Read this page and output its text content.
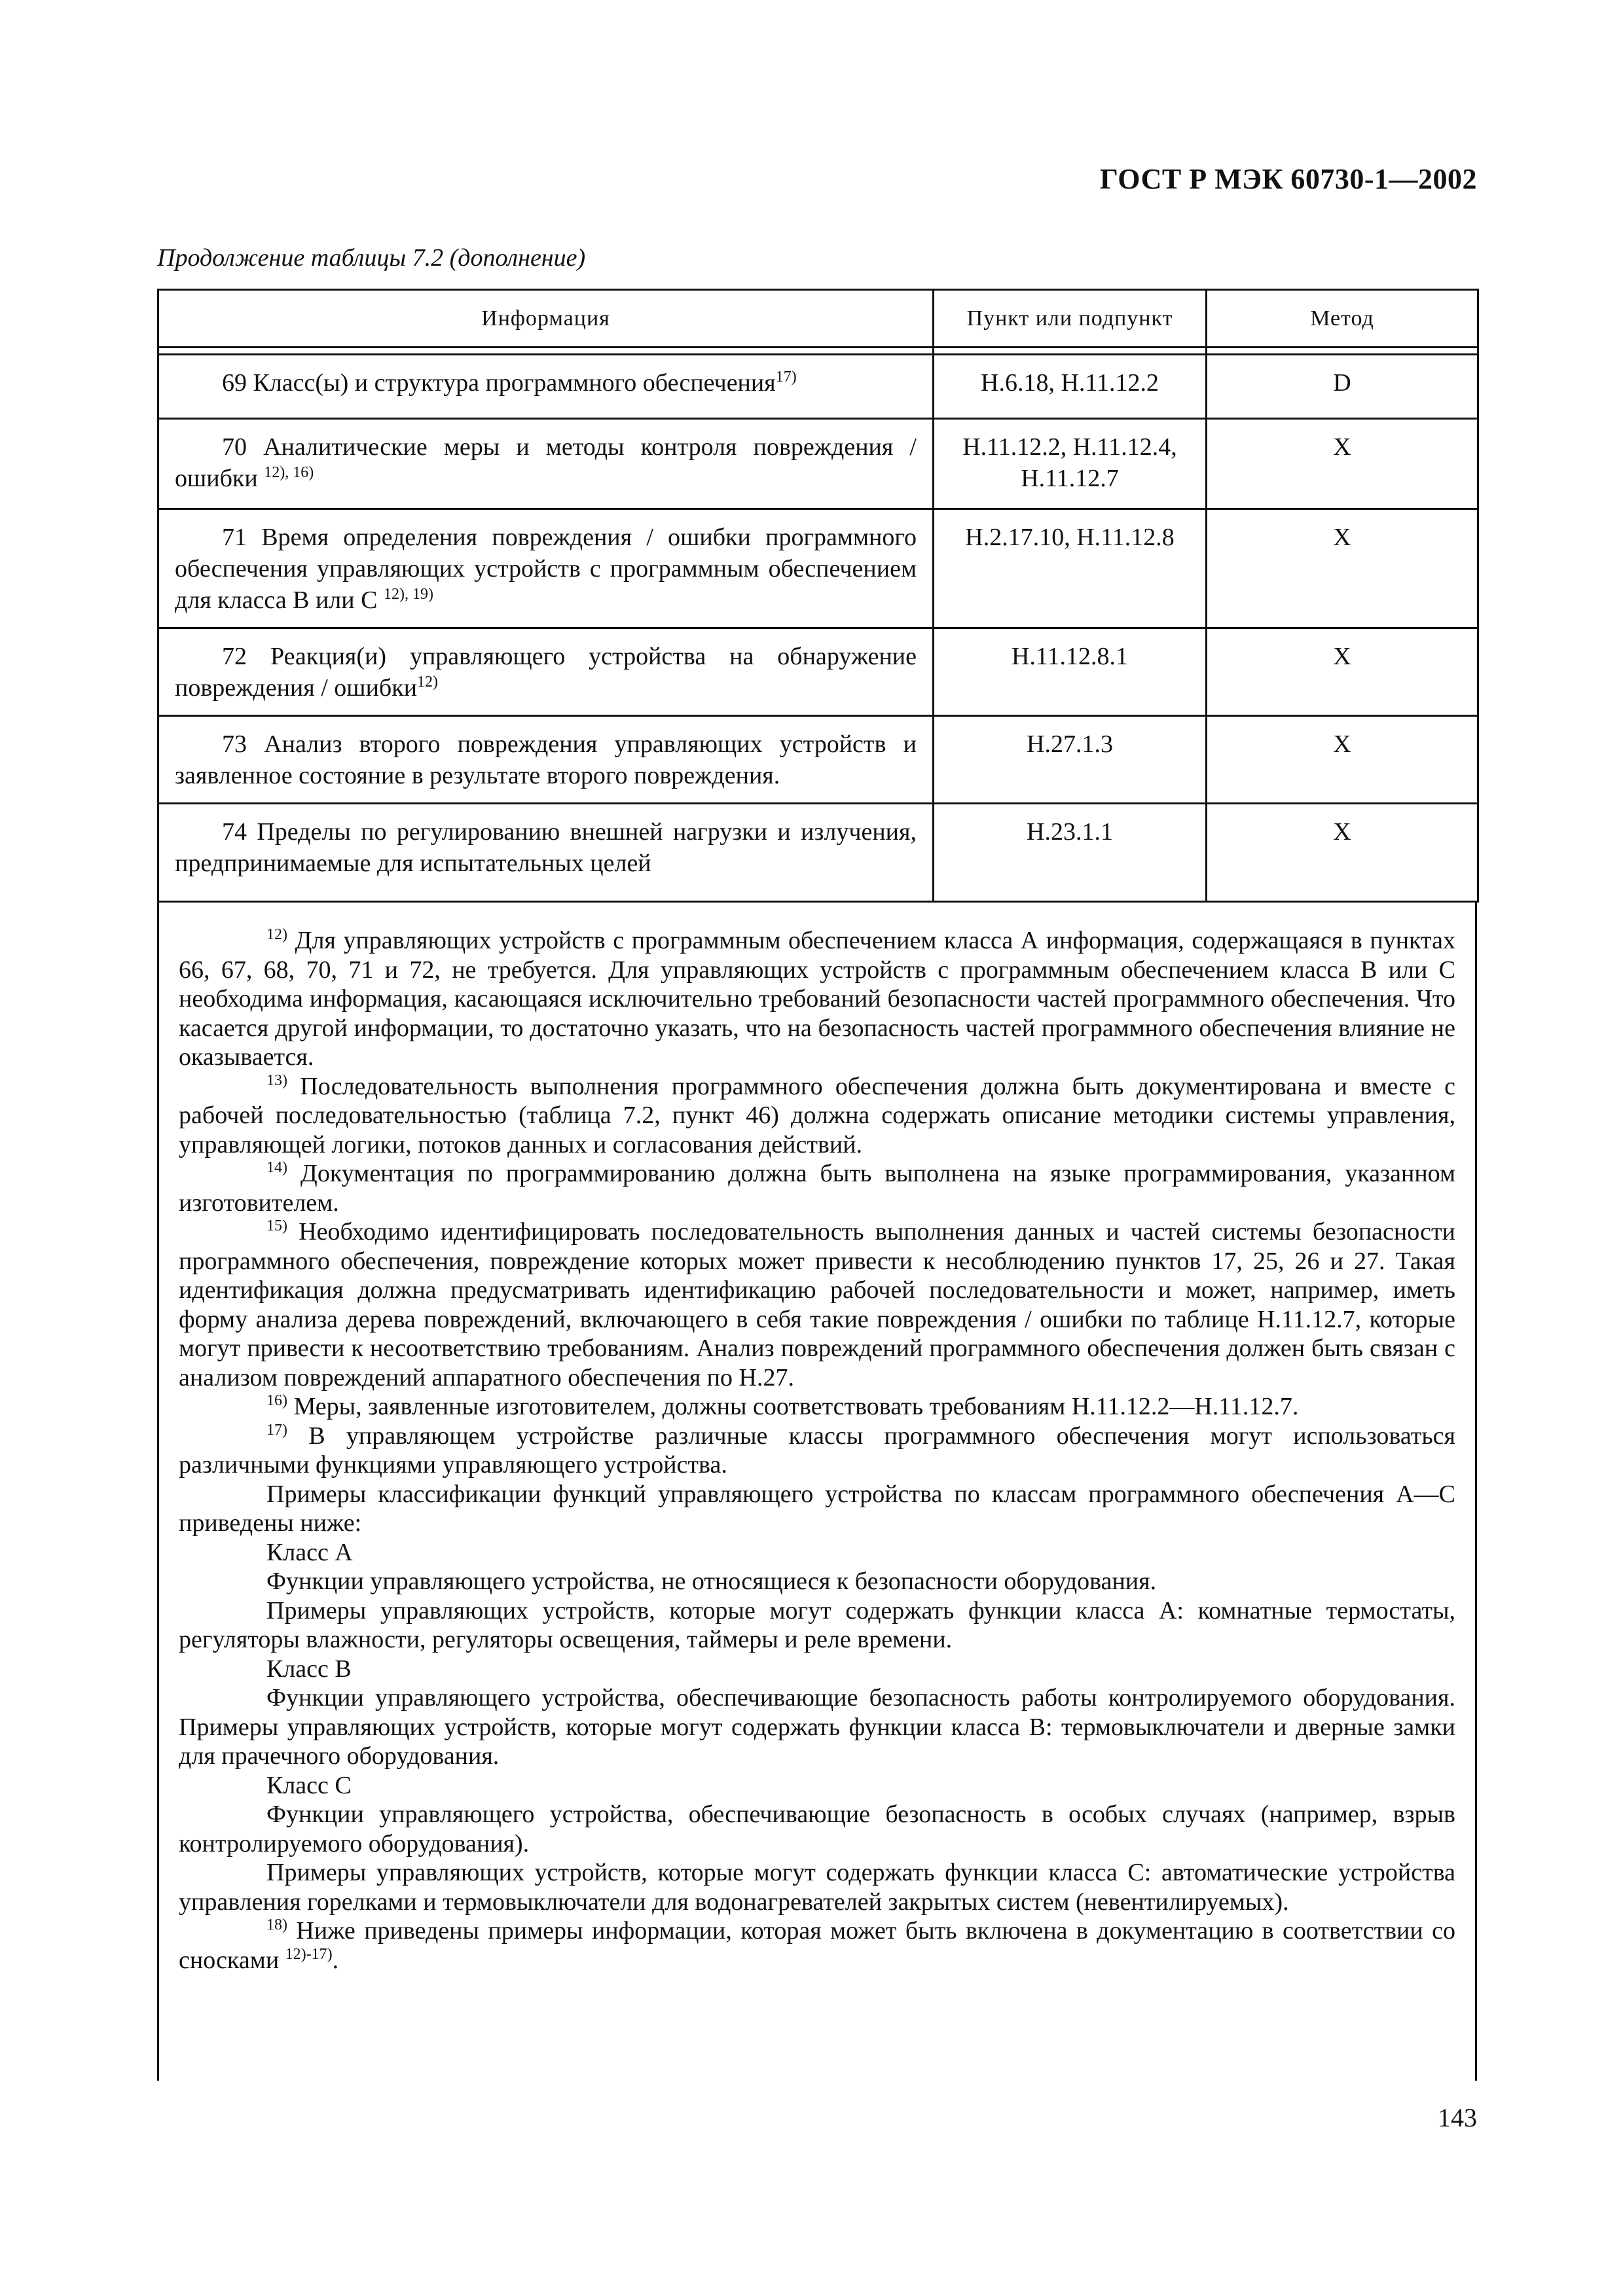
ГОСТ Р МЭК 60730-1—2002
Продолжение таблицы 7.2 (дополнение)
Информация	Пункт или подпункт	Метод

69 Класс(ы) и структура программного обеспечения$^{17)}$	H.6.18, H.11.12.2	D
70 Аналитические меры и методы контроля повреждения / ошибки $^{12), 16)}$	H.11.12.2, H.11.12.4, H.11.12.7	X
71 Время определения повреждения / ошибки программного обеспечения управляющих устройств с программным обеспечением для класса В или С $^{12), 19)}$	H.2.17.10, H.11.12.8	X
72 Реакция(и) управляющего устройства на обнаружение повреждения / ошибки$^{12)}$	H.11.12.8.1	X
73 Анализ второго повреждения управляющих устройств и заявленное состояние в результате второго повреждения.	H.27.1.3	X
74 Пределы по регулированию внешней нагрузки и излучения, предпринимаемые для испытательных целей	H.23.1.1	X

$^{12)}$ Для управляющих устройств с программным обеспечением класса А информация, содержащаяся в пунктах 66, 67, 68, 70, 71 и 72, не требуется. Для управляющих устройств с программным обеспечением класса В или С необходима информация, касающаяся исключительно требований безопасности частей программного обеспечения. Что касается другой информации, то достаточно указать, что на безопасность частей программного обеспечения влияние не оказывается.

$^{13)}$ Последовательность выполнения программного обеспечения должна быть документирована и вместе с рабочей последовательностью (таблица 7.2, пункт 46) должна содержать описание методики системы управления, управляющей логики, потоков данных и согласования действий.

$^{14)}$ Документация по программированию должна быть выполнена на языке программирования, указанном изготовителем.

$^{15)}$ Необходимо идентифицировать последовательность выполнения данных и частей системы безопасности программного обеспечения, повреждение которых может привести к несоблюдению пунктов 17, 25, 26 и 27. Такая идентификация должна предусматривать идентификацию рабочей последовательности и может, например, иметь форму анализа дерева повреждений, включающего в себя такие повреждения / ошибки по таблице H.11.12.7, которые могут привести к несоответствию требованиям. Анализ повреждений программного обеспечения должен быть связан с анализом повреждений аппаратного обеспечения по H.27.

$^{16)}$ Меры, заявленные изготовителем, должны соответствовать требованиям H.11.12.2—H.11.12.7.

$^{17)}$ В управляющем устройстве различные классы программного обеспечения могут использоваться различными функциями управляющего устройства.

Примеры классификации функций управляющего устройства по классам программного обеспечения А—С приведены ниже:

Класс А

Функции управляющего устройства, не относящиеся к безопасности оборудования.

Примеры управляющих устройств, которые могут содержать функции класса А: комнатные термостаты, регуляторы влажности, регуляторы освещения, таймеры и реле времени.

Класс В

Функции управляющего устройства, обеспечивающие безопасность работы контролируемого оборудования. Примеры управляющих устройств, которые могут содержать функции класса В: термовыключатели и дверные замки для прачечного оборудования.

Класс С

Функции управляющего устройства, обеспечивающие безопасность в особых случаях (например, взрыв контролируемого оборудования).

Примеры управляющих устройств, которые могут содержать функции класса С: автоматические устройства управления горелками и термовыключатели для водонагревателей закрытых систем (невентилируемых).

$^{18)}$ Ниже приведены примеры информации, которая может быть включена в документацию в соответствии со сносками $^{12)-17)}$.

143
